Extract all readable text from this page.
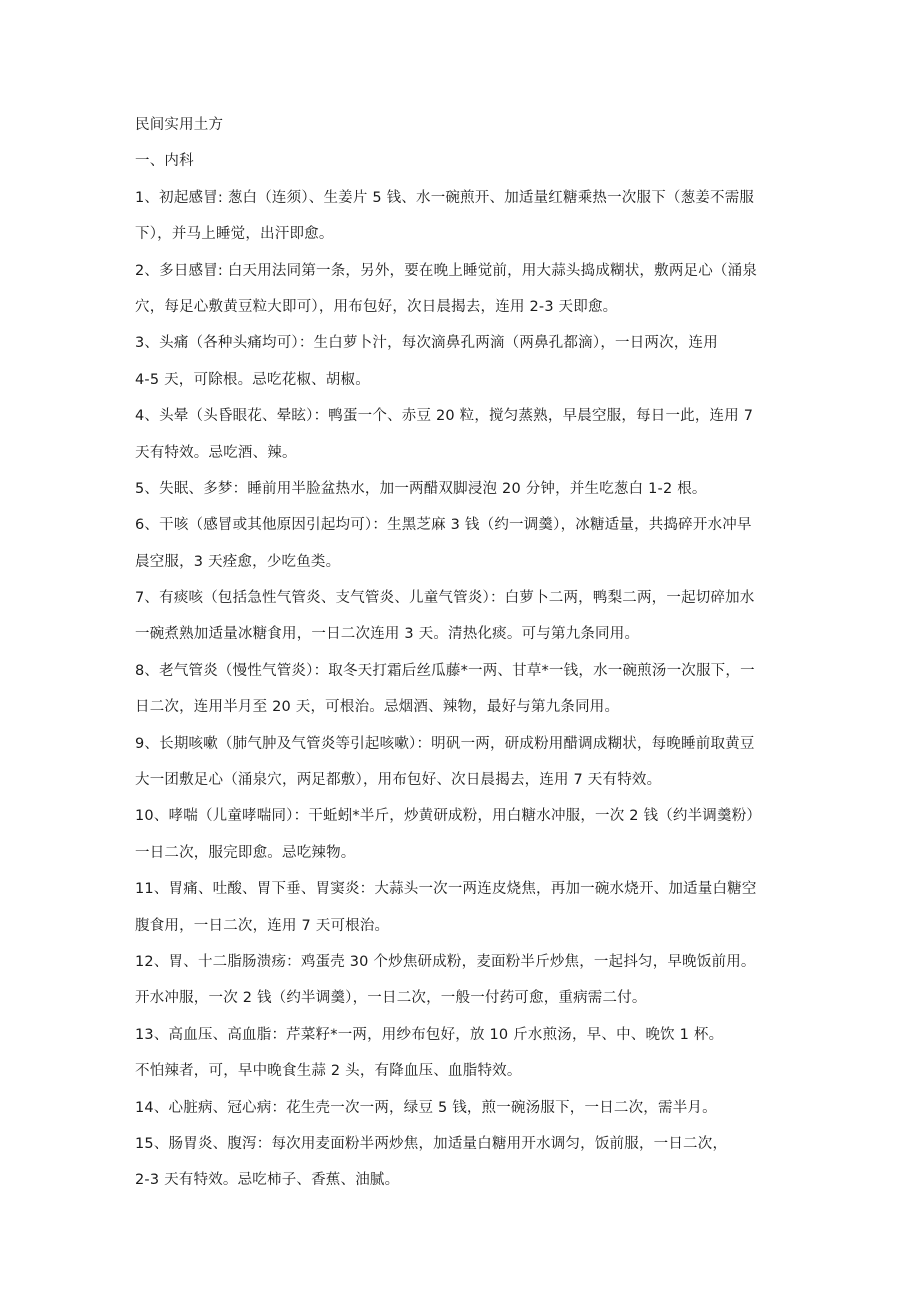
民间实用土方
一、内科
1、初起感冒: 葱白（连须）、生姜片 5 钱、水一碗煎开、加适量红糖乘热一次服下（葱姜不需服
下），并马上睡觉，出汗即愈。
2、多日感冒: 白天用法同第一条，另外，要在晚上睡觉前，用大蒜头捣成糊状，敷两足心（涌泉
穴，每足心敷黄豆粒大即可），用布包好，次日晨揭去，连用 2-3 天即愈。
3、头痛（各种头痛均可）：生白萝卜汁，每次滴鼻孔两滴（两鼻孔都滴），一日两次，连用
4-5 天，可除根。忌吃花椒、胡椒。
4、头晕（头昏眼花、晕眩）：鸭蛋一个、赤豆 20 粒，搅匀蒸熟，早晨空服，每日一此，连用 7
天有特效。忌吃酒、辣。
5、失眠、多梦：睡前用半脸盆热水，加一两醋双脚浸泡 20 分钟，并生吃葱白 1-2 根。
6、干咳（感冒或其他原因引起均可）：生黑芝麻 3 钱（约一调羹），冰糖适量，共捣碎开水冲早
晨空服，3 天痊愈，少吃鱼类。
7、有痰咳（包括急性气管炎、支气管炎、儿童气管炎）：白萝卜二两，鸭梨二两，一起切碎加水
一碗煮熟加适量冰糖食用，一日二次连用 3 天。清热化痰。可与第九条同用。
8、老气管炎（慢性气管炎）：取冬天打霜后丝瓜藤*一两、甘草*一钱，水一碗煎汤一次服下，一
日二次，连用半月至 20 天，可根治。忌烟酒、辣物，最好与第九条同用。
9、长期咳嗽（肺气肿及气管炎等引起咳嗽）：明矾一两，研成粉用醋调成糊状，每晚睡前取黄豆
大一团敷足心（涌泉穴，两足都敷），用布包好、次日晨揭去，连用 7 天有特效。
10、哮喘（儿童哮喘同）：干蚯蚓*半斤，炒黄研成粉，用白糖水冲服，一次 2 钱（约半调羹粉）
一日二次，服完即愈。忌吃辣物。
11、胃痛、吐酸、胃下垂、胃窦炎：大蒜头一次一两连皮烧焦，再加一碗水烧开、加适量白糖空
腹食用，一日二次，连用 7 天可根治。
12、胃、十二脂肠溃疡：鸡蛋壳 30 个炒焦研成粉，麦面粉半斤炒焦，一起抖匀，早晚饭前用。
开水冲服，一次 2 钱（约半调羹），一日二次，一般一付药可愈，重病需二付。
13、高血压、高血脂：芹菜籽*一两，用纱布包好，放 10 斤水煎汤，早、中、晚饮 1 杯。
不怕辣者，可，早中晚食生蒜 2 头，有降血压、血脂特效。
14、心脏病、冠心病：花生壳一次一两，绿豆 5 钱，煎一碗汤服下，一日二次，需半月。
15、肠胃炎、腹泻：每次用麦面粉半两炒焦，加适量白糖用开水调匀，饭前服，一日二次，
2-3 天有特效。忌吃柿子、香蕉、油腻。
